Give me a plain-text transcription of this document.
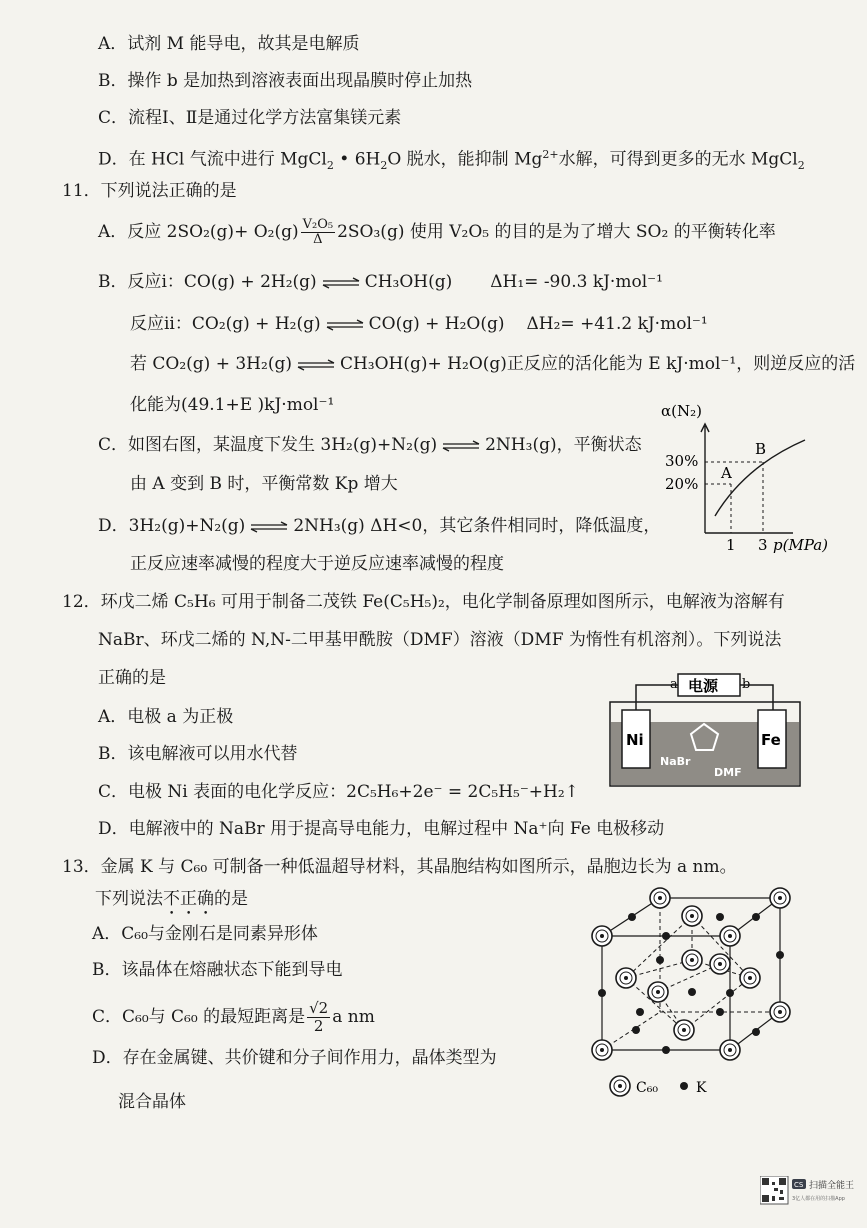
A．试剂 M 能导电，故其是电解质
B．操作 b 是加热到溶液表面出现晶膜时停止加热
C．流程Ⅰ、Ⅱ是通过化学方法富集镁元素
D．在 HCl 气流中进行 MgCl$_2$ • $6H_2O$ 脱水，能抑制 $Mg^{2+}$水解，可得到更多的无水 MgCl$_2$
11．下列说法正确的是
A．反应 $2SO_2(g)+ O_2(g) \frac{\text{V₂O₅}}{\Delta} 2SO_3(g)$ 使用 V₂O₅ 的目的是为了增大 SO₂ 的平衡转化率
B．反应i：CO(g) + 2H₂(g) ⇌ CH₃OH(g) ΔH₁= -90.3 kJ·mol⁻¹
反应ii：CO₂(g) + H₂(g) ⇌ CO(g) + H₂O(g) ΔH₂= +41.2 kJ·mol⁻¹
若 CO₂(g) + 3H₂(g) ⇌ CH₃OH(g)+ H₂O(g)正反应的活化能为 E kJ·mol⁻¹，则逆反应的活
化能为(49.1+E )kJ·mol⁻¹
C．如图右图，某温度下发生 3H₂(g)+N₂(g) ⇌ 2NH₃(g)，平衡状态
由 A 变到 B 时，平衡常数 Kp 增大
D．3H₂(g)+N₂(g) ⇌ 2NH₃(g) ΔH<0，其它条件相同时，降低温度，
正反应速率减慢的程度大于逆反应速率减慢的程度
α(N₂)
30%
20%
A
B
1 3 p(MPa)
12．环戊二烯 C₅H₆ 可用于制备二茂铁 Fe(C₅H₅)₂，电化学制备原理如图所示，电解液为溶解有
NaBr、环戊二烯的 N,N-二甲基甲酰胺（DMF）溶液（DMF 为惰性有机溶剂）。下列说法
正确的是
A．电极 a 为正极
B．该电解液可以用水代替
C．电极 Ni 表面的电化学反应：2C₅H₆+2e⁻ = 2C₅H₅⁻+H₂↑
D．电解液中的 NaBr 用于提高导电能力，电解过程中 Na⁺向 Fe 电极移动
电源
a	b
Ni	Fe
NaBr
DMF
13．金属 K 与 C₆₀ 可制备一种低温超导材料，其晶胞结构如图所示，晶胞边长为 a nm。
下列说法不正确的是
A．C₆₀与金刚石是同素异形体
B．该晶体在熔融状态下能到导电
C．C₆₀与 C₆₀ 的最短距离是 $\frac{√2}{2}$ a nm
D．存在金属键、共价键和分子间作用力，晶体类型为
混合晶体
C₆₀	K
CS 扫描全能王
3亿人都在用的扫描App
